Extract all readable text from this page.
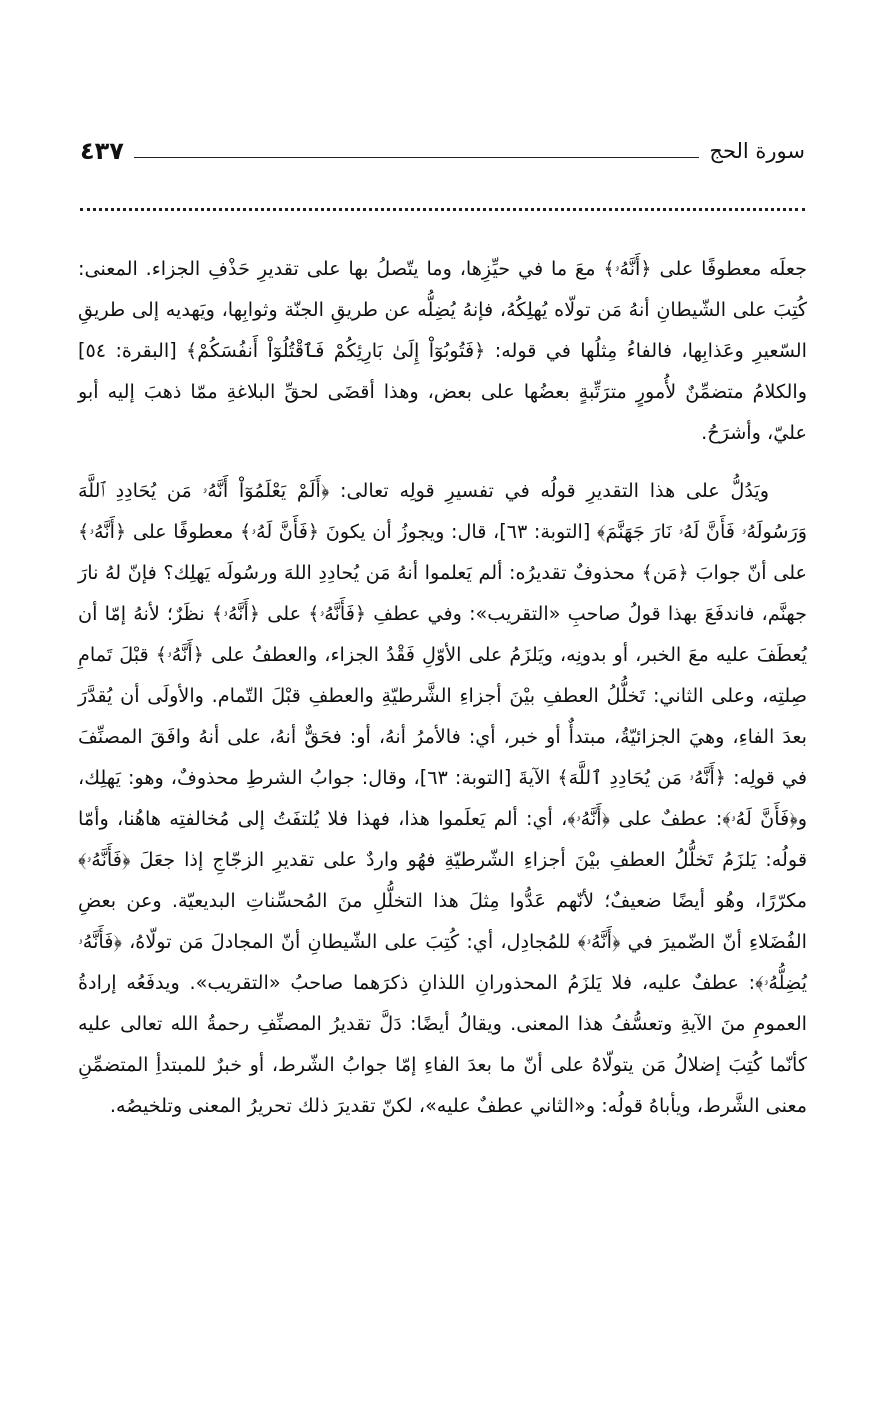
سورة الحج
٤٣٧

جعلَه معطوفًا على ﴿أَنَّهُۥ﴾ معَ ما في حيِّزِها، وما يتّصلُ بها على تقديرِ حَذْفِ الجزاء. المعنى: كُتِبَ على الشّيطانِ أنهُ مَن تولّاه يُهلِكُهُ، فإنهُ يُضِلُّه عن طريقِ الجنّة وثوابِها، ويَهديه إلى طريقِ السّعيرِ وعَذابِها، فالفاءُ مِثلُها في قوله: ﴿فَتُوبُوٓاْ إِلَىٰ بَارِئِكُمْ فَٱقْتُلُوٓاْ أَنفُسَكُمْ﴾ [البقرة: ٥٤] والكلامُ متضمِّنٌ لأُمورٍ مترَتِّبةٍ بعضُها على بعض، وهذا أقضَى لحقِّ البلاغةِ ممّا ذهبَ إليه أبو عليّ، وأشرَحُ.

ويَدُلُّ على هذا التقديرِ قولُه في تفسيرِ قولِه تعالى: ﴿أَلَمْ يَعْلَمُوٓاْ أَنَّهُۥ مَن يُحَادِدِ ٱللَّهَ وَرَسُولَهُۥ فَأَنَّ لَهُۥ نَارَ جَهَنَّمَ﴾ [التوبة: ٦٣]، قال: ويجوزُ أن يكونَ ﴿فَأَنَّ لَهُۥ﴾ معطوفًا على ﴿أَنَّهُۥ﴾ على أنّ جوابَ ﴿مَن﴾ محذوفٌ تقديرُه: ألم يَعلموا أنهُ مَن يُحادِدِ اللهَ ورسُولَه يَهلِك؟ فإنّ لهُ نارَ جهنَّم، فاندفَعَ بهذا قولُ صاحبِ «التقريب»: وفي عطفِ ﴿فَأَنَّهُۥ﴾ على ﴿أَنَّهُۥ﴾ نظَرٌ؛ لأنهُ إمّا أن يُعطَفَ عليه معَ الخبر، أو بدونِه، ويَلزَمُ على الأوّلِ فَقْدُ الجزاء، والعطفُ على ﴿أَنَّهُۥ﴾ قبْلَ تَمامِ صِلتِه، وعلى الثاني: تَخلُّلُ العطفِ بيْنَ أجزاءِ الشَّرطيّةِ والعطفِ قبْلَ التّمام. والأولَى أن يُقدَّرَ بعدَ الفاءِ، وهيَ الجزائيّةُ، مبتدأٌ أو خبر، أي: فالأمرُ أنهُ، أو: فحَقٌّ أنهُ، على أنهُ وافَقَ المصنِّفَ في قولِه: ﴿أَنَّهُۥ مَن يُحَادِدِ ٱللَّهَ﴾ الآيةَ [التوبة: ٦٣]، وقال: جوابُ الشرطِ محذوفٌ، وهو: يَهلِك، و﴿فَأَنَّ لَهُۥ﴾: عطفٌ على ﴿أَنَّهُۥ﴾، أي: ألم يَعلَموا هذا، فهذا فلا يُلتفَتُ إلى مُخالفتِه هاهُنا، وأمّا قولُه: يَلزَمُ تَخلُّلُ العطفِ بيْنَ أجزاءِ الشّرطيّةِ فهُو واردٌ على تقديرِ الزجّاجِ إذا جعَلَ ﴿فَأَنَّهُۥ﴾ مكرّرًا، وهُو أيضًا ضعيفٌ؛ لأنّهم عَدُّوا مِثلَ هذا التخلُّلِ منَ المُحسِّناتِ البديعيّة. وعن بعضِ الفُضَلاءِ أنّ الضّميرَ في ﴿أَنَّهُۥ﴾ للمُجادِل، أي: كُتِبَ على الشّيطانِ أنّ المجادلَ مَن تولّاهُ، ﴿فَأَنَّهُۥ يُضِلُّهُۥ﴾: عطفٌ عليه، فلا يَلزَمُ المحذورانِ اللذانِ ذكرَهما صاحبُ «التقريب». ويدفَعُه إرادةُ العمومِ منَ الآيةِ وتعسُّفُ هذا المعنى. ويقالُ أيضًا: دَلَّ تقديرُ المصنِّفِ رحمةُ الله تعالى عليه كأنّما كُتِبَ إضلالُ مَن يتولّاهُ على أنّ ما بعدَ الفاءِ إمّا جوابُ الشّرط، أو خبرٌ للمبتدأِ المتضمِّنِ معنى الشَّرط، ويأباهُ قولُه: و«الثاني عطفٌ عليه»، لكنّ تقديرَ ذلك تحريرُ المعنى وتلخيصُه.
